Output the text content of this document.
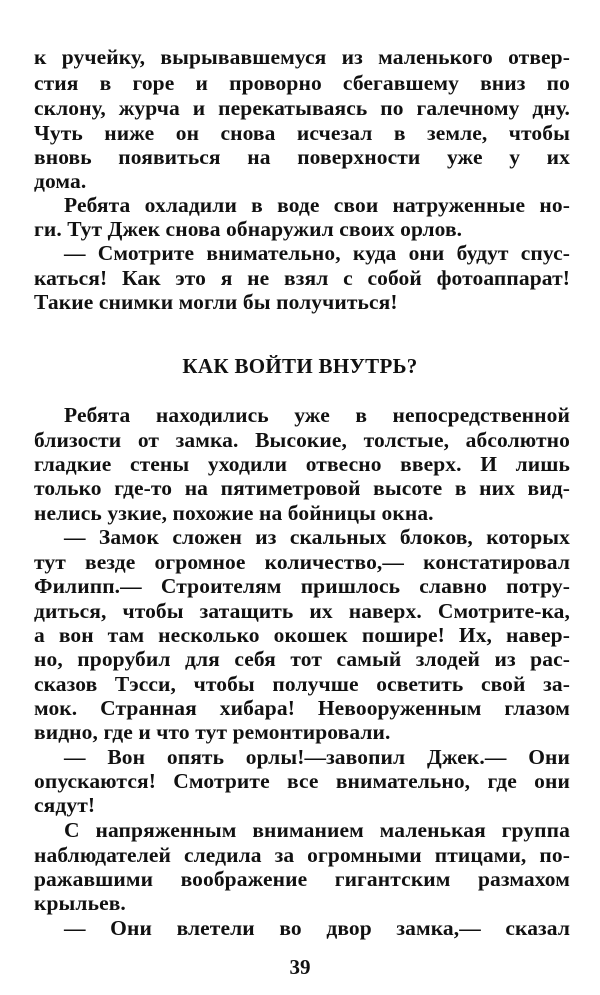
к ручейку, вырывавшемуся из маленького отвер-
стия в горе и проворно сбегавшему вниз по
склону, журча и перекатываясь по галечному дну.
Чуть ниже он снова исчезал в земле, чтобы
вновь появиться на поверхности уже у их
дома.
Ребята охладили в воде свои натруженные но-
ги. Тут Джек снова обнаружил своих орлов.
— Смотрите внимательно, куда они будут спус-
каться! Как это я не взял с собой фотоаппарат!
Такие снимки могли бы получиться!
КАК ВОЙТИ ВНУТРЬ?
Ребята находились уже в непосредственной
близости от замка. Высокие, толстые, абсолютно
гладкие стены уходили отвесно вверх. И лишь
только где-то на пятиметровой высоте в них вид-
нелись узкие, похожие на бойницы окна.
— Замок сложен из скальных блоков, которых
тут везде огромное количество,— констатировал
Филипп.— Строителям пришлось славно потру-
диться, чтобы затащить их наверх. Смотрите-ка,
а вон там несколько окошек пошире! Их, навер-
но, прорубил для себя тот самый злодей из рас-
сказов Тэсси, чтобы получше осветить свой за-
мок. Странная хибара! Невооруженным глазом
видно, где и что тут ремонтировали.
— Вон опять орлы!—завопил Джек.— Они
опускаются! Смотрите все внимательно, где они
сядут!
С напряженным вниманием маленькая группа
наблюдателей следила за огромными птицами, по-
ражавшими воображение гигантским размахом
крыльев.
— Они влетели во двор замка,— сказал
39
